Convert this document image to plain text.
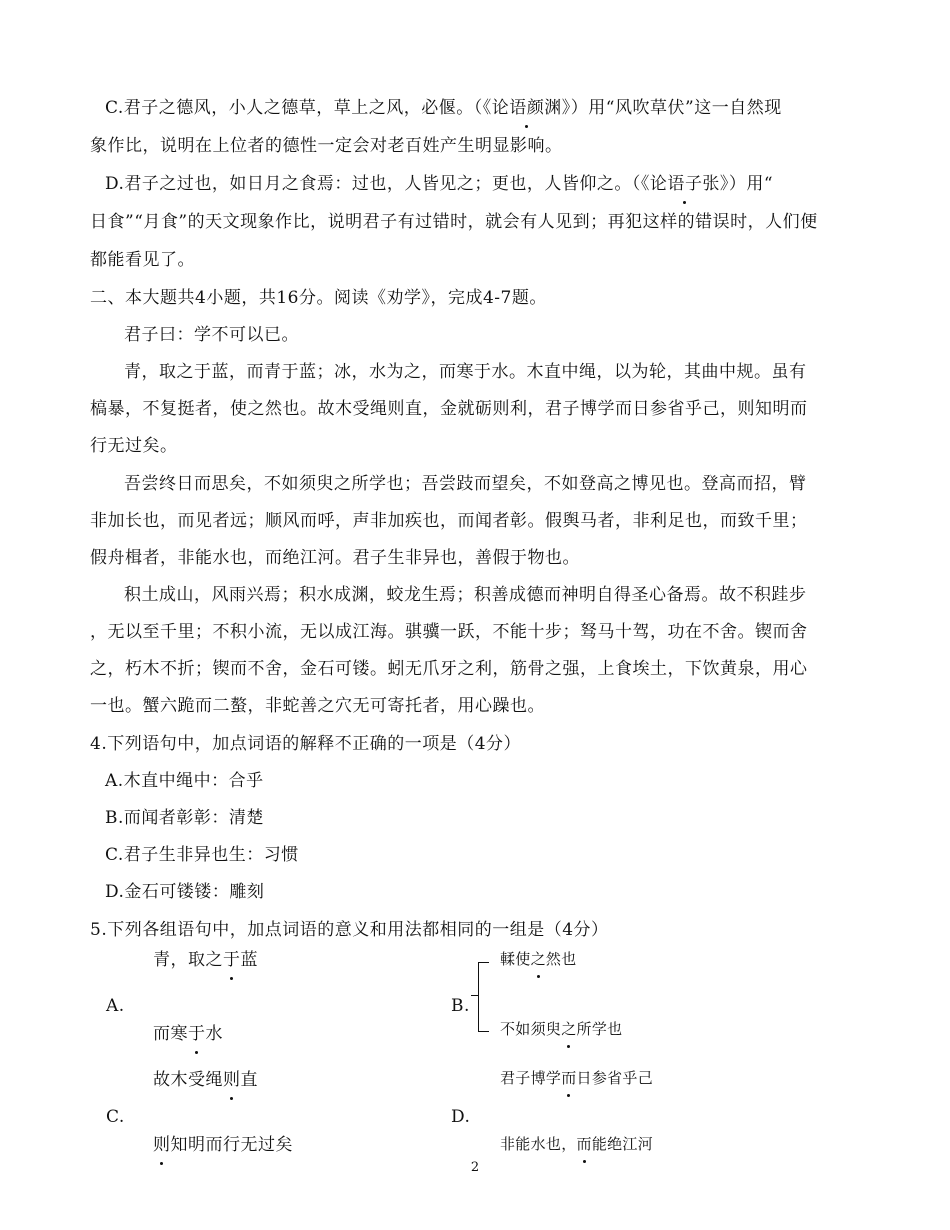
C.君子之德风，小人之德草，草上之风，必偃。（《论语颜渊》）用“风吹草伏”这一自然现
象作比，说明在上位者的德性一定会对老百姓产生明显影响。
D.君子之过也，如日月之食焉：过也，人皆见之；更也，人皆仰之。（《论语子张》）用“
日食”“月食”的天文现象作比，说明君子有过错时，就会有人见到；再犯这样的错误时，人们便
都能看见了。
二、本大题共4小题，共16分。阅读《劝学》，完成4-7题。
君子曰：学不可以已。
青，取之于蓝，而青于蓝；冰，水为之，而寒于水。木直中绳，以为轮，其曲中规。虽有
槁暴，不复挺者，使之然也。故木受绳则直，金就砺则利，君子博学而日参省乎己，则知明而
行无过矣。
吾尝终日而思矣，不如须臾之所学也；吾尝跂而望矣，不如登高之博见也。登高而招，臂
非加长也，而见者远；顺风而呼，声非加疾也，而闻者彰。假舆马者，非利足也，而致千里；
假舟楫者，非能水也，而绝江河。君子生非异也，善假于物也。
积土成山，风雨兴焉；积水成渊，蛟龙生焉；积善成德而神明自得圣心备焉。故不积跬步
，无以至千里；不积小流，无以成江海。骐骥一跃，不能十步；驽马十驾，功在不舍。锲而舍
之，朽木不折；锲而不舍，金石可镂。蚓无爪牙之利，筋骨之强，上食埃土，下饮黄泉，用心
一也。蟹六跪而二螯，非蛇善之穴无可寄托者，用心躁也。
4.下列语句中，加点词语的解释不正确的一项是（4分）
A.木直中绳中：合乎
B.而闻者彰彰：清楚
C.君子生非异也生：习惯
D.金石可镂镂：雕刻
5.下列各组语句中，加点词语的意义和用法都相同的一组是（4分）
青，取之于蓝
A.
而寒于水
B.
輮使之然也
不如须臾之所学也
故木受绳则直
C.
则知明而行无过矣
君子博学而日参省乎己
D.
非能水也，而能绝江河
2
